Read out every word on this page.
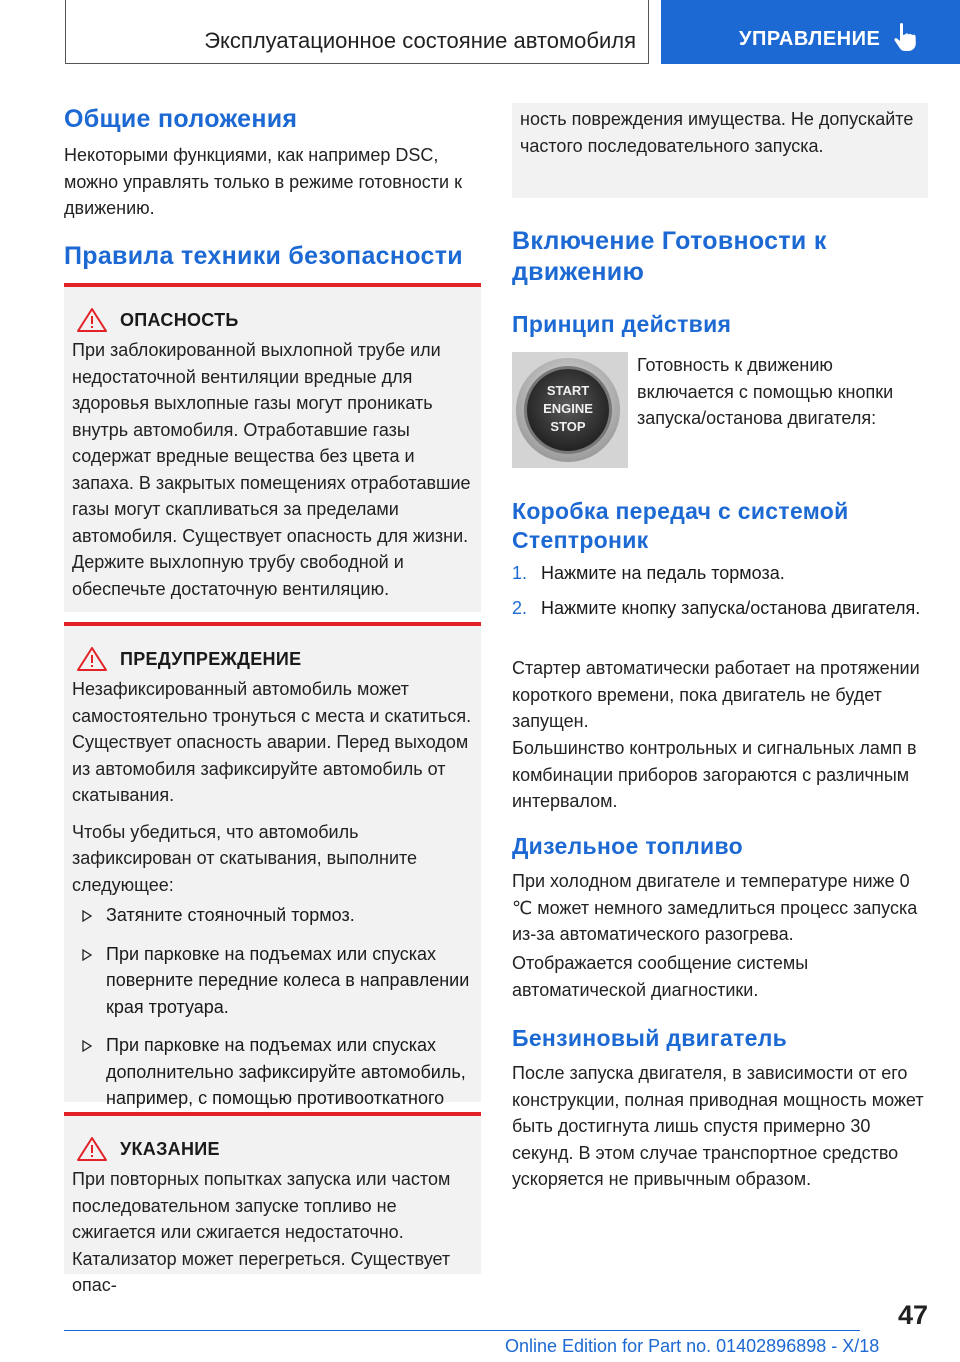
Эксплуатационное состояние автомобиля	УПРАВЛЕНИЕ
Общие положения

Некоторыми функциями, как например DSC, можно управлять только в режиме готовности к движению.

Правила техники безопасности
ОПАСНОСТЬ

При заблокированной выхлопной трубе или недостаточной вентиляции вредные для здоровья выхлопные газы могут проникать внутрь автомобиля. Отработавшие газы содержат вредные вещества без цвета и запаха. В закрытых помещениях отработавшие газы могут скапливаться за пределами автомобиля. Существует опасность для жизни. Держите выхлопную трубу свободной и обеспечьте достаточную вентиляцию.

ПРЕДУПРЕЖДЕНИЕ

Незафиксированный автомобиль может самостоятельно тронуться с места и скатиться. Существует опасность аварии. Перед выходом из автомобиля зафиксируйте автомобиль от скатывания.

Чтобы убедиться, что автомобиль зафиксирован от скатывания, выполните следующее:

Затяните стояночный тормоз.
При парковке на подъемах или спусках поверните передние колеса в направлении края тротуара.
При парковке на подъемах или спусках дополнительно зафиксируйте автомобиль, например, с помощью противооткатного
УКАЗАНИЕ

При повторных попытках запуска или частом последовательном запуске топливо не сжигается или сжигается недостаточно. Катализатор может перегреться. Существует опас-

ность повреждения имущества. Не допускайте частого последовательного запуска.

Включение Готовности к движению
Принцип действия
START
ENGINE
STOP

Готовность к движению включается с помощью кнопки запуска/останова двигателя:

Коробка передач с системой Стептроник
1. Нажмите на педаль тормоза.
2. Нажмите кнопку запуска/останова двигателя.

Стартер автоматически работает на протяжении короткого времени, пока двигатель не будет запущен.

Большинство контрольных и сигнальных ламп в комбинации приборов загораются с различным интервалом.

Дизельное топливо

При холодном двигателе и температуре ниже 0 ℃ может немного замедлиться процесс запуска из-за автоматического разогрева.

Отображается сообщение системы автоматической диагностики.

Бензиновый двигатель

После запуска двигателя, в зависимости от его конструкции, полная приводная мощность может быть достигнута лишь спустя примерно 30 секунд. В этом случае транспортное средство ускоряется не привычным образом.

47
Online Edition for Part no. 01402896898 - X/18
